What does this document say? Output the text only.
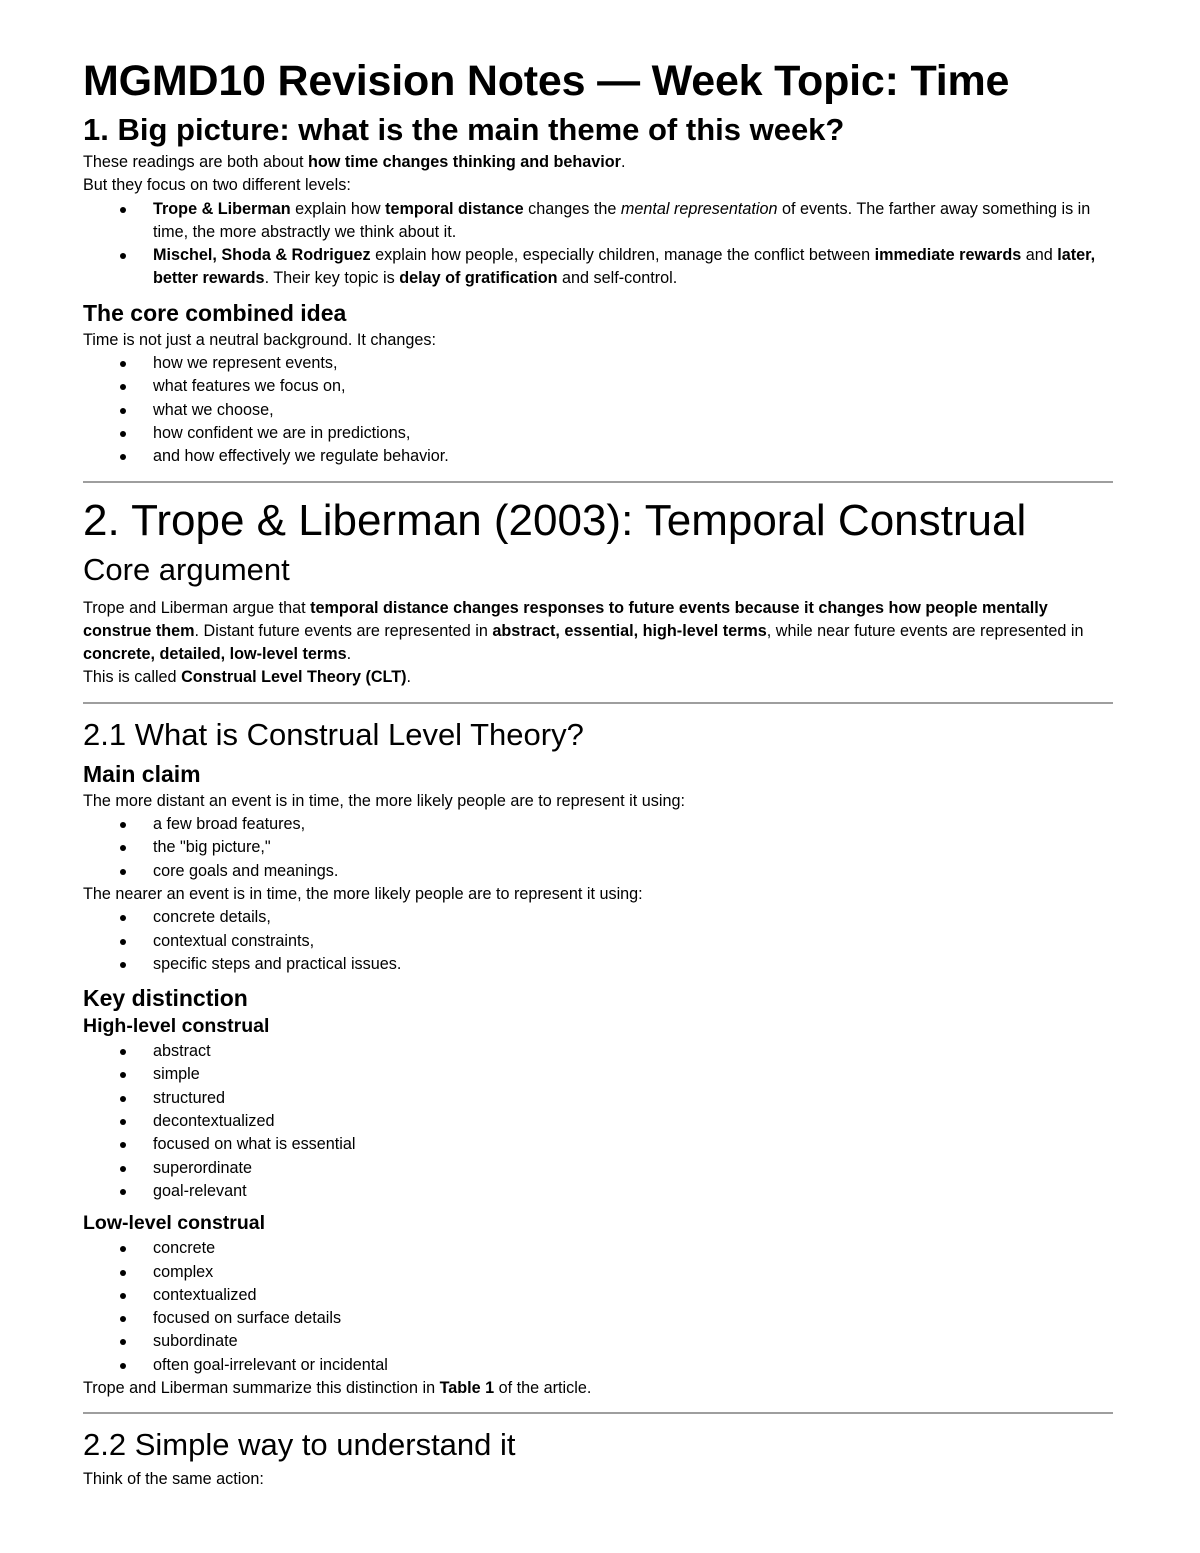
MGMD10 Revision Notes — Week Topic: Time
1. Big picture: what is the main theme of this week?

These readings are both about how time changes thinking and behavior.

But they focus on two different levels:

Trope & Liberman explain how temporal distance changes the mental representation of events. The farther away something is in time, the more abstractly we think about it.
Mischel, Shoda & Rodriguez explain how people, especially children, manage the conflict between immediate rewards and later, better rewards. Their key topic is delay of gratification and self-control.
The core combined idea

Time is not just a neutral background. It changes:

how we represent events,
what features we focus on,
what we choose,
how confident we are in predictions,
and how effectively we regulate behavior.
2. Trope & Liberman (2003): Temporal Construal
Core argument

Trope and Liberman argue that temporal distance changes responses to future events because it changes how people mentally construe them. Distant future events are represented in abstract, essential, high-level terms, while near future events are represented in concrete, detailed, low-level terms.

This is called Construal Level Theory (CLT).

2.1 What is Construal Level Theory?
Main claim

The more distant an event is in time, the more likely people are to represent it using:

a few broad features,
the "big picture,"
core goals and meanings.

The nearer an event is in time, the more likely people are to represent it using:

concrete details,
contextual constraints,
specific steps and practical issues.
Key distinction
High-level construal
abstract
simple
structured
decontextualized
focused on what is essential
superordinate
goal-relevant
Low-level construal
concrete
complex
contextualized
focused on surface details
subordinate
often goal-irrelevant or incidental

Trope and Liberman summarize this distinction in Table 1 of the article.

2.2 Simple way to understand it

Think of the same action:
